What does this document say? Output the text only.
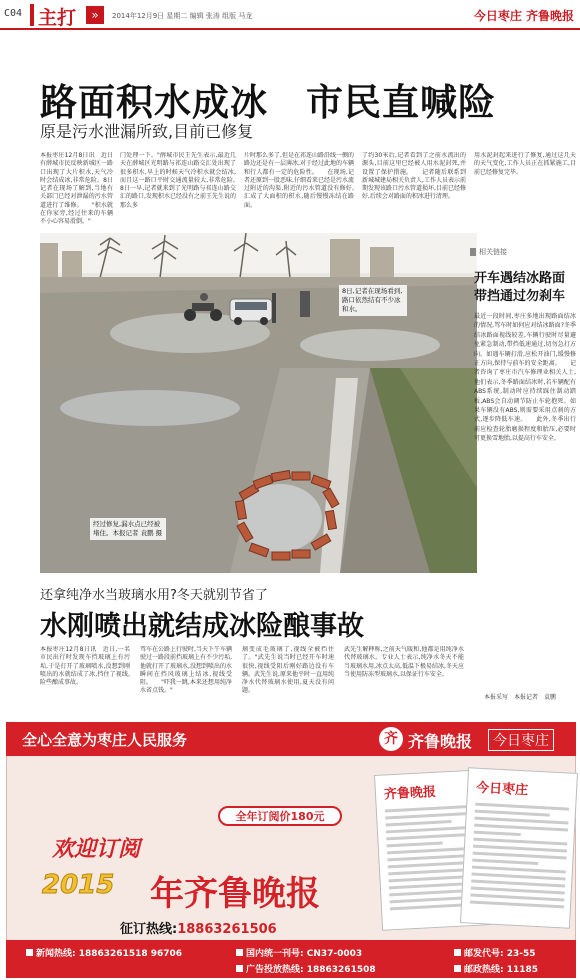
C04 主打	»	2014年12月9日 星期二 编辑 张涛 组版 马龙	今日枣庄 齐鲁晚报
路面积水成冰　市民直喊险
原是污水泄漏所致,目前已修复
本报枣庄12月8日讯　近日有薛城市民反映新城区一路口出现了大片积水,天气冷时会结成冰,非常危险。8日记者在现场了解到,当地有关部门已经对泄漏的污水管道进行了维修。　　"积水就在你家旁,经过往来的车辆不小心容易滑倒。"
门处理一下。"薛城市民王先生表示,最近几天在薛城区光明路与祁连山路交汇处出现了很多积水,早上的时候天气冷积水就会结冰,而且这一路口平时交通流量较大,非常危险。　　8日一早,记者就来到了光明路与祁连山路交汇的路口,发现积水已经没有之前王先生说的那么多
片时那么多了,但是在祁连山路沿线一侧的路边还是有一层薄冰,对于经过此地的车辆和行人都有一定的危险性。　　在现场,记者还原到一股恶味,仔细看来已经是污水流过附近的沟渠,附近的污水管道没有修好,汇成了大面积的积水,随后慢慢冻结在路面。
了约30米后,记者看到了之前水流出的源头,目前这里已经被人用水泥封死,并设置了保护措施。　　记者随后联系到新城城建局相关负责人,工作人员表示前期发现该路口污水管道损坏,目前已经修好,后续会对路面的积冰进行清理。
用水泥封起来进行了修复,通过这几天的天气变化,工作人员正在抓紧施工,目前已经修复完毕。
8日,记者在现场看到,路口依然结有不少冰和水。
经过修复,漏水点已经被堵住。本报记者 袁鹏 摄
相关链接
开车遇结冰路面
带挡通过勿刹车
最近一段时间,枣庄多地出现路面结冰的情况,驾车时如何应对结冰路面?冬季结冰路面视线较差,车辆行驶时尽量避免紧急制动,带挡低速通过,切勿急打方向。如遇车辆打滑,应松开油门,缓慢修正方向,保持与前车的安全距离。　　记者咨询了枣庄市汽车修理业相关人士,他们表示,冬季路面结冰时,若车辆配有ABS系统,制动时应持续踩住制动踏板,ABS会自动调节防止车轮抱死。如果车辆没有ABS,则需要采用点刹的方式,逐步降低车速。　　此外,冬季出行前应检查轮胎磨损程度和胎压,必要时可更换雪地胎,以提高行车安全。
本报采写　本报记者　袁鹏
还拿纯净水当玻璃水用?冬天就别节省了
水刚喷出就结成冰险酿事故
本报枣庄12月8日讯　近日,一名市民出行时发现车挡玻璃上有污垢,于是打开了玻璃喷水,没想到刚喷出的水就结成了冰,挡住了视线,险些酿成事故。
驾车在公路上行驶时,当天下午车辆驶过一路段前挡玻璃上有不少污垢,他就打开了玻璃水,没想到喷出的水瞬间在挡风玻璃上结冰,视线受阻。　　"吓我一跳,本来还想用纯净水省点钱。"
璃变成毛玻璃了,视线全被挡住了。"武先生说当时已经开车时速很快,视线受阻后刚好路边没有车辆。武先生说,原来他平时一直用纯净水代替玻璃水使用,夏天没有问题。
武先生解释称,之前天气暖和,他都是用纯净水代替玻璃水。专业人士表示,纯净水冬天不能当玻璃水用,冰点太高,低温下极易结冰,冬天应当使用防冻型玻璃水,以保证行车安全。
全心全意为枣庄人民服务	齐 齐鲁晚报	今日枣庄
全年订阅价180元
欢迎订阅
2015 年齐鲁晚报
征订热线:18863261506
齐鲁晚报	今日枣庄
新闻热线: 18863261518 96706	国内统一刊号: CN37-0003
广告投放热线: 18863261508
邮发代号: 23-55
邮政热线: 11185
